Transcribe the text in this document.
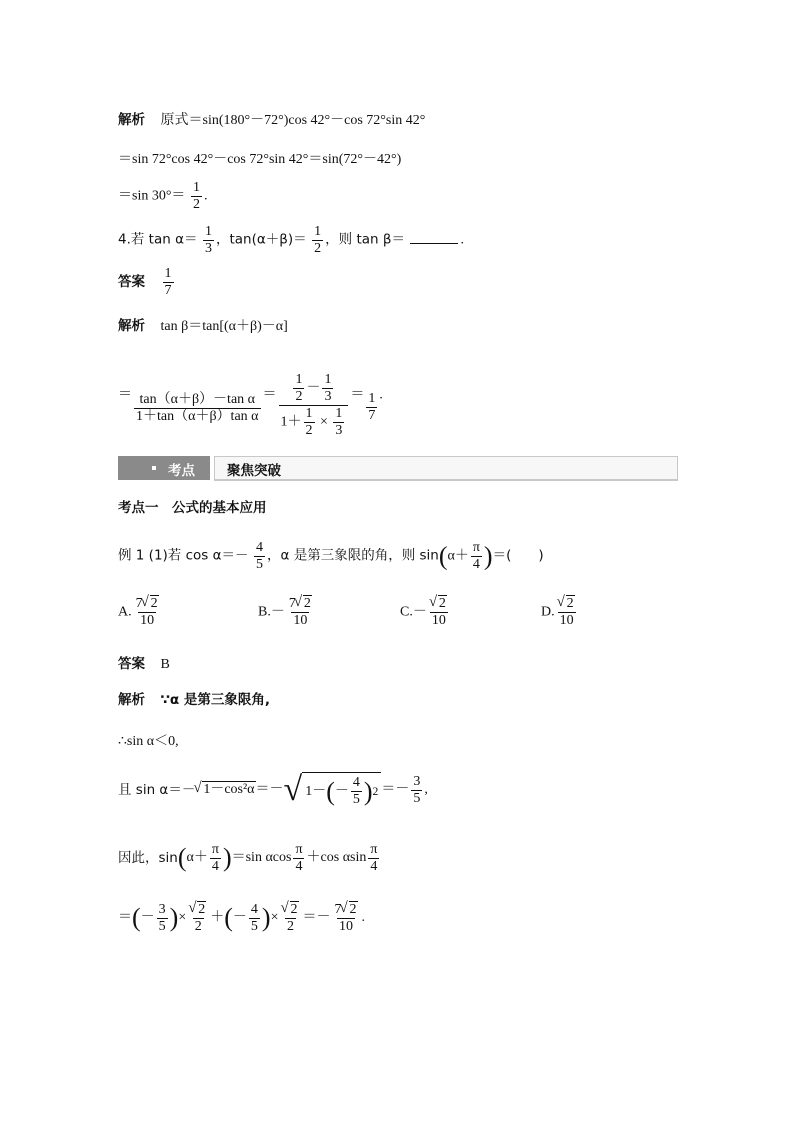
解析 原式＝sin(180°－72°)cos 42°－cos 72°sin 42°
＝sin 72°cos 42°－cos 72°sin 42°＝sin(72°－42°)
＝sin $30^\circ= \frac{1}{2}$ .
4.若 $\tan \alpha= \frac{1}{3}$ ，$\tan(\alpha+\beta)= \frac{1}{2}$ ，则 tan β＝	.
答案 $\frac{1}{7}$
解析 tan β＝tan[(α＋β)－α]
＝ $\frac{\text{tan（α＋β）－tan α}}{\text{1＋tan（α＋β）tan α}} = \frac{\frac{1}{2} - \frac{1}{3}}{1+ \frac{1}{2} \times \frac{1}{3}} = \frac{1}{7}$ .
考点 聚焦突破
考点一　公式的基本应用
例 1 (1)若 $\cos \alpha=- \frac{4}{5}$ ，α 是第三象限的角，则 $\sin(\alpha+ \frac{\pi}{4}$ )＝(　　)
A. $\frac{7 √ 2}{10}$	$B.- \frac{7 √ 2}{10}$	C.－ √ $\frac{2}{10}$	D. √ $\frac{2}{10}$
答案 B
解析 ∵α 是第三象限角,
∴sin α＜0,
且 sin α＝－ √ 1－cos²α ＝－ √ 1－ ( － $\frac{4}{5}$ ) $2 =- \frac{3}{5}$ ,
因此，sin ( $\alpha+ \frac{\pi}{4}$ ) ＝sin αcos $\frac{\pi}{4} +\cos$ αsin $\frac{\pi}{4}$
＝ ( － $\frac{3}{5}$ ) × √ $\frac{2}{2}$ ＋ ( － $\frac{4}{5}$ ) × √ $\frac{2}{2} =- \frac{7 √ 2}{10}$ .
